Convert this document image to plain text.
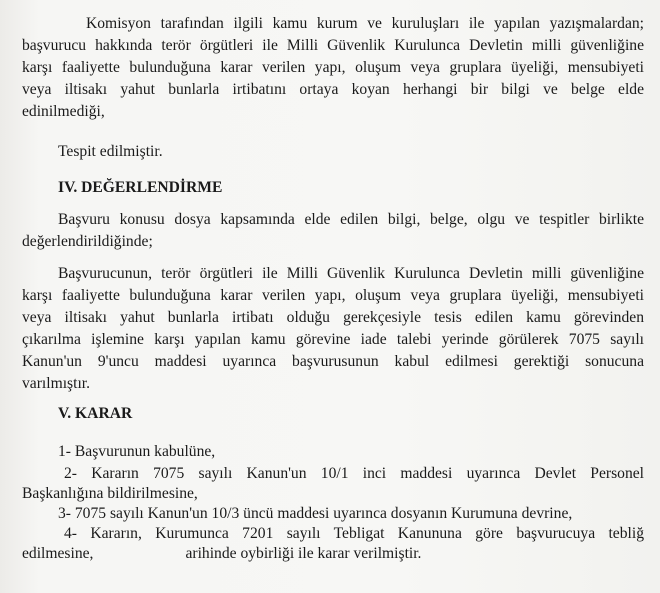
Komisyon tarafından ilgili kamu kurum ve kuruluşları ile yapılan yazışmalardan;
başvurucu hakkında terör örgütleri ile Milli Güvenlik Kurulunca Devletin milli güvenliğine
karşı faaliyette bulunduğuna karar verilen yapı, oluşum veya gruplara üyeliği, mensubiyeti
veya iltisakı yahut bunlarla irtibatını ortaya koyan herhangi bir bilgi ve belge elde
edinilmediği,
Tespit edilmiştir.
IV. DEĞERLENDİRME
Başvuru konusu dosya kapsamında elde edilen bilgi, belge, olgu ve tespitler birlikte
değerlendirildiğinde;
Başvurucunun, terör örgütleri ile Milli Güvenlik Kurulunca Devletin milli güvenliğine
karşı faaliyette bulunduğuna karar verilen yapı, oluşum veya gruplara üyeliği, mensubiyeti
veya iltisakı yahut bunlarla irtibatı olduğu gerekçesiyle tesis edilen kamu görevinden
çıkarılma işlemine karşı yapılan kamu görevine iade talebi yerinde görülerek 7075 sayılı
Kanun'un 9'uncu maddesi uyarınca başvurusunun kabul edilmesi gerektiği sonucuna
varılmıştır.
V. KARAR
1- Başvurunun kabulüne,
2- Kararın 7075 sayılı Kanun'un 10/1 inci maddesi uyarınca Devlet Personel
Başkanlığına bildirilmesine,
3- 7075 sayılı Kanun'un 10/3 üncü maddesi uyarınca dosyanın Kurumuna devrine,
4- Kararın, Kurumunca 7201 sayılı Tebligat Kanununa göre başvurucuya tebliğ
edilmesine,	arihinde oybirliği ile karar verilmiştir.
